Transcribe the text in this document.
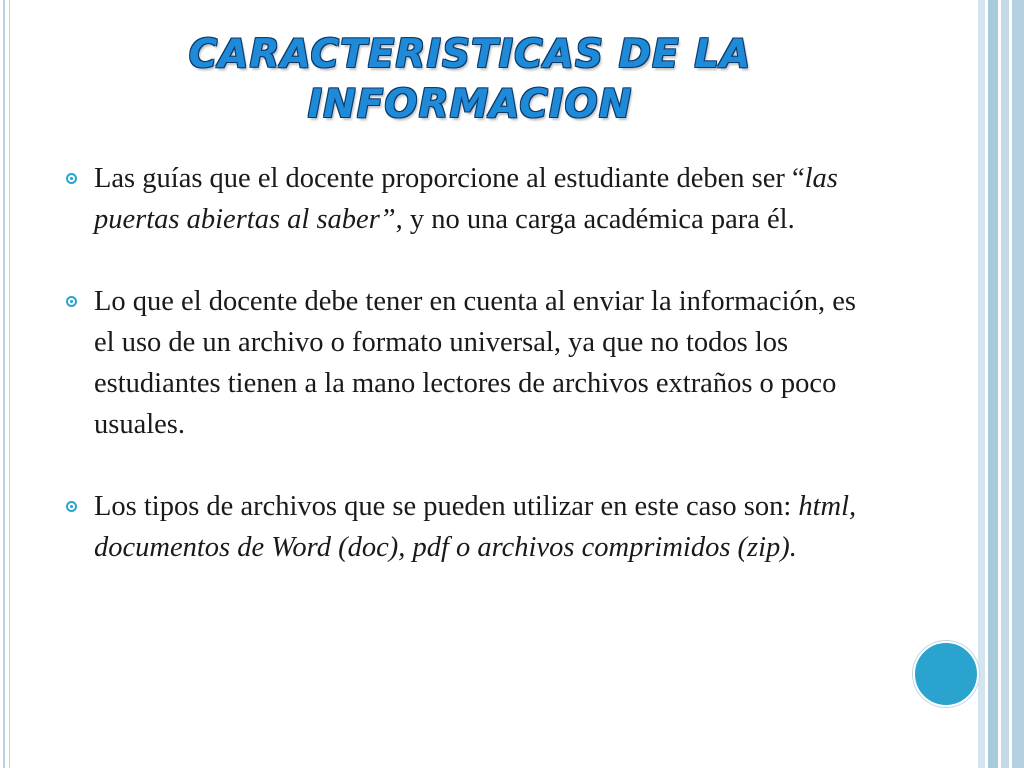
CARACTERISTICAS DE LA
INFORMACION
Las guías que el docente proporcione al estudiante deben ser “las puertas abiertas al saber”, y no una carga académica para él.
Lo que el docente debe tener en cuenta al enviar la información, es el uso de un archivo o formato universal, ya que no todos los estudiantes tienen a la mano lectores de archivos extraños o poco usuales.
Los tipos de archivos que se pueden utilizar en este caso son: html, documentos de Word (doc), pdf o archivos comprimidos (zip).
